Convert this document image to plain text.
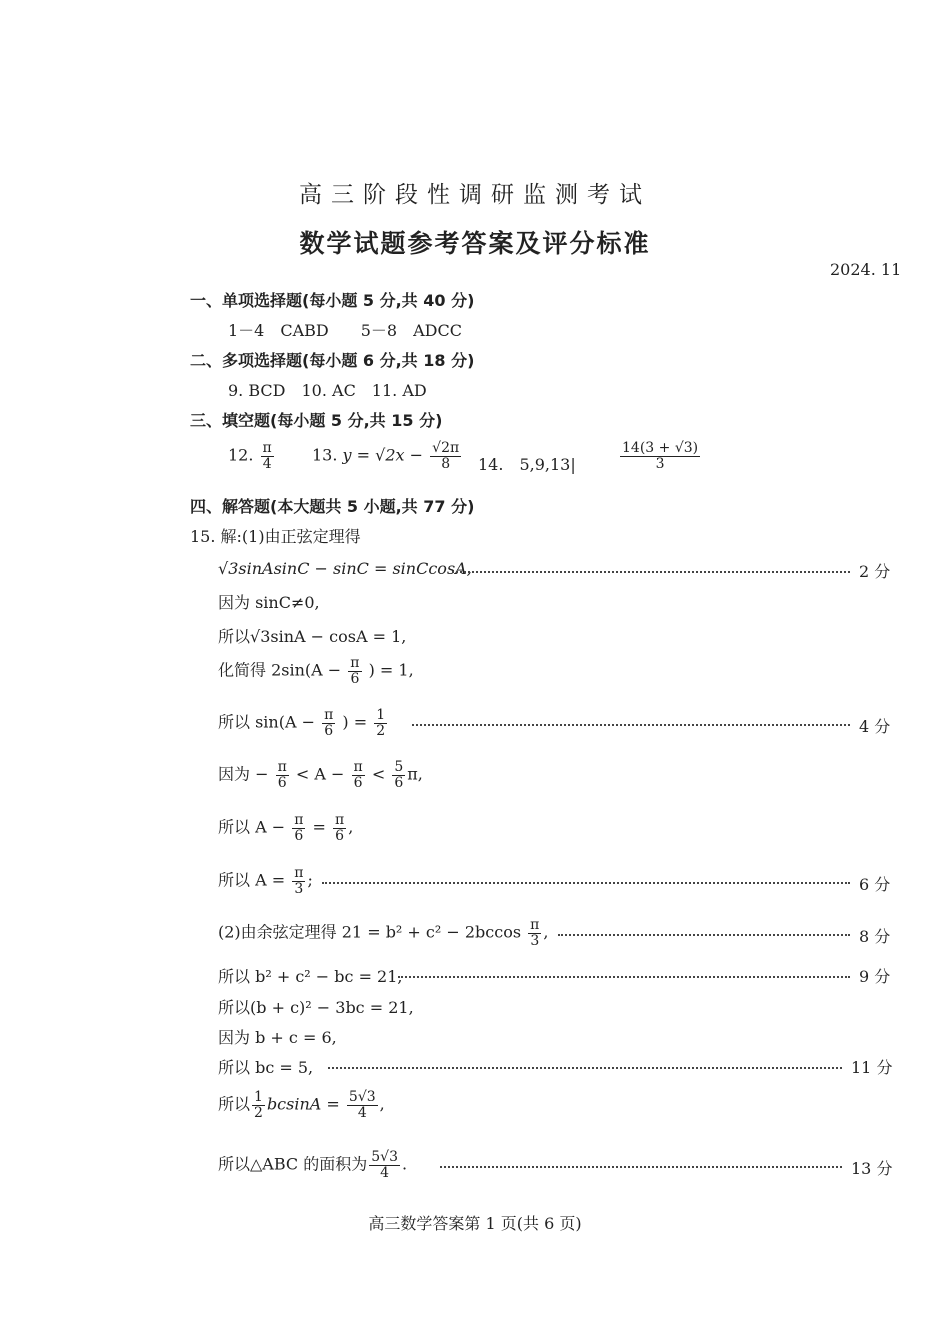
高三阶段性调研监测考试
数学试题参考答案及评分标准
2024. 11
一、单项选择题(每小题 5 分,共 40 分)
1－4　CABD　　5－8　ADCC
二、多项选择题(每小题 6 分,共 18 分)
9. BCD　10. AC　11. AD
三、填空题(每小题 5 分,共 15 分)
12. $\frac{\pi}{4} 13$. $y = √2x - \frac{√2\pi}{8} 14$.　5,9,13|	$\frac{14(3 + √3)}{3}$
四、解答题(本大题共 5 小题,共 77 分)
15. 解:(1)由正弦定理得
√3sinAsinC − sinC = sinCcosA,	2 分
因为 sinC≠0,
所以√3sinA − cosA = 1,
化简得 $2\sin(A - \frac{\pi}{6}$ ) = 1,
所以 $\sin(A - \frac{\pi}{6}$ ) = $\frac{1}{2}$	4 分
因为 − $\frac{\pi}{6} < A - \frac{\pi}{6} < \frac{5}{6} \pi$,
所以 $A - \frac{\pi}{6} = \frac{\pi}{6}$ ,
所以 $A = \frac{\pi}{3}$ ;	6 分
(2)由余弦定理得 $21 = b^2 + c^2 - 2bccos \frac{\pi}{3}$ ,	8 分
所以 b² + c² − bc = 21,	9 分
所以(b + c)² − 3bc = 21,
因为 b + c = 6,
所以 bc = 5,	11 分
所以 $\frac{1}{2}$ $bcsinA = \frac{5√3}{4}$ ,
所以△ABC 的面积为 $\frac{5√3}{4}$ .	13 分
高三数学答案第 1 页(共 6 页)
